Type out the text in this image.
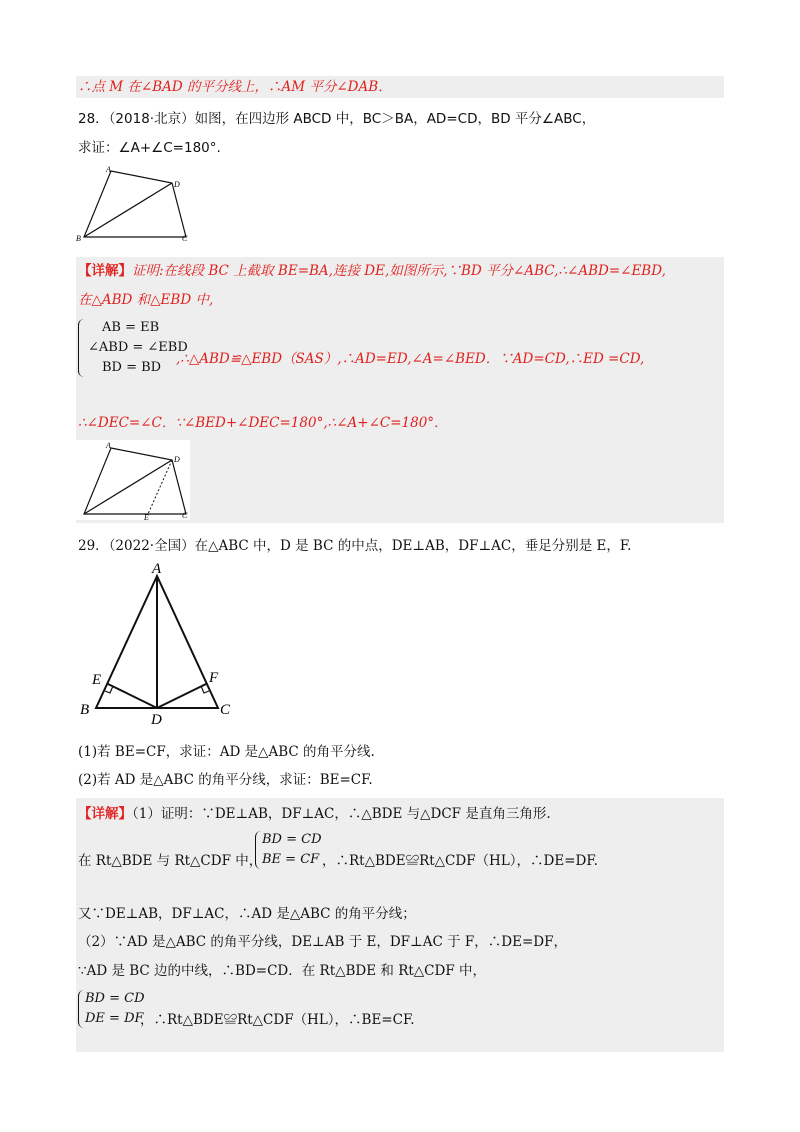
∴点 M 在∠BAD 的平分线上，∴AM 平分∠DAB．
28．（2018·北京）如图，在四边形 ABCD 中，BC＞BA，AD=CD，BD 平分∠ABC，
求证：∠A+∠C=180°.
A
D
B	C
【详解】证明:在线段 BC 上截取 BE=BA,连接 DE,如图所示,∵BD 平分∠ABC,∴∠ABD=∠EBD,
在△ABD 和△EBD 中,
AB = EB
∠ABD = ∠EBD
BD = BD
,∴△ABD≌△EBD（SAS）,∴AD=ED,∠A=∠BED．∵AD=CD,∴ED =CD,
∴∠DEC=∠C．∵∠BED+∠DEC=180°,∴∠A+∠C=180°．
A
D
E	C
29．（2022·全国）在△ABC 中，D 是 BC 的中点，DE⊥AB，DF⊥AC，垂足分别是 E，F.
A
E	F
B
D
C
(1)若 BE=CF，求证：AD 是△ABC 的角平分线.
(2)若 AD 是△ABC 的角平分线，求证：BE=CF.
【详解】（1）证明：∵DE⊥AB，DF⊥AC，∴△BDE 与△DCF 是直角三角形.
在 Rt△BDE 与 Rt△CDF 中，
BD = CD
BE = CF ，∴Rt△BDE≌Rt△CDF（HL），∴DE=DF.
又∵DE⊥AB，DF⊥AC，∴AD 是△ABC 的角平分线；
（2）∵AD 是△ABC 的角平分线，DE⊥AB 于 E，DF⊥AC 于 F，∴DE=DF，
∵AD 是 BC 边的中线，∴BD=CD．在 Rt△BDE 和 Rt△CDF 中，
BD = CD
DE = DF
，∴Rt△BDE≌Rt△CDF（HL），∴BE=CF.
